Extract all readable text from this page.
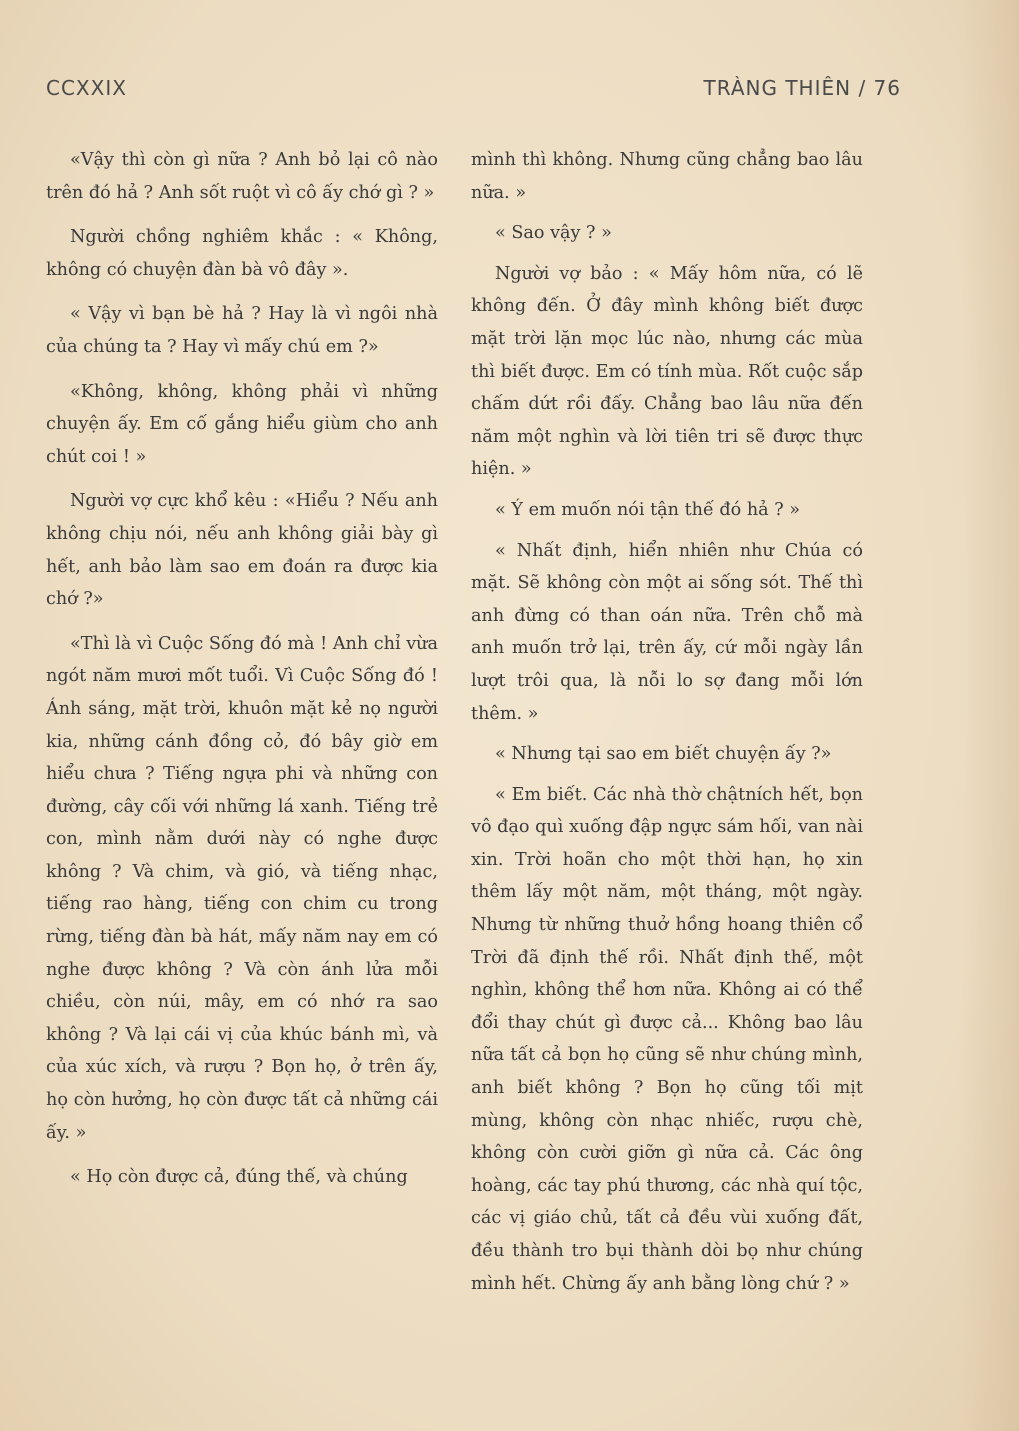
CCXXIX	TRÀNG THIÊN / 76

«Vậy thì còn gì nữa ? Anh bỏ lại cô nào trên đó hả ? Anh sốt ruột vì cô ấy chớ gì ? »

Người chồng nghiêm khắc : « Không, không có chuyện đàn bà vô đây ».

« Vậy vì bạn bè hả ? Hay là vì ngôi nhà của chúng ta ? Hay vì mấy chú em ?»

«Không, không, không phải vì những chuyện ấy. Em cố gắng hiểu giùm cho anh chút coi ! »

Người vợ cực khổ kêu : «Hiểu ? Nếu anh không chịu nói, nếu anh không giải bày gì hết, anh bảo làm sao em đoán ra được kia chớ ?»

«Thì là vì Cuộc Sống đó mà ! Anh chỉ vừa ngót năm mươi mốt tuổi. Vì Cuộc Sống đó ! Ánh sáng, mặt trời, khuôn mặt kẻ nọ người kia, những cánh đồng cỏ, đó bây giờ em hiểu chưa ? Tiếng ngựa phi và những con đường, cây cối với những lá xanh. Tiếng trẻ con, mình nằm dưới này có nghe được không ? Và chim, và gió, và tiếng nhạc, tiếng rao hàng, tiếng con chim cu trong rừng, tiếng đàn bà hát, mấy năm nay em có nghe được không ? Và còn ánh lửa mỗi chiều, còn núi, mây, em có nhớ ra sao không ? Và lại cái vị của khúc bánh mì, và của xúc xích, và rượu ? Bọn họ, ở trên ấy, họ còn hưởng, họ còn được tất cả những cái ấy. »

« Họ còn được cả, đúng thế, và chúng

mình thì không. Nhưng cũng chẳng bao lâu nữa. »

« Sao vậy ? »

Người vợ bảo : « Mấy hôm nữa, có lẽ không đến. Ở đây mình không biết được mặt trời lặn mọc lúc nào, nhưng các mùa thì biết được. Em có tính mùa. Rốt cuộc sắp chấm dứt rồi đấy. Chẳng bao lâu nữa đến năm một nghìn và lời tiên tri sẽ được thực hiện. »

« Ý em muốn nói tận thế đó hả ? »

« Nhất định, hiển nhiên như Chúa có mặt. Sẽ không còn một ai sống sót. Thế thì anh đừng có than oán nữa. Trên chỗ mà anh muốn trở lại, trên ấy, cứ mỗi ngày lần lượt trôi qua, là nỗi lo sợ đang mỗi lớn thêm. »

« Nhưng tại sao em biết chuyện ấy ?»

« Em biết. Các nhà thờ chậtních hết, bọn vô đạo quì xuống đập ngực sám hối, van nài xin. Trời hoãn cho một thời hạn, họ xin thêm lấy một năm, một tháng, một ngày. Nhưng từ những thuở hồng hoang thiên cổ Trời đã định thế rồi. Nhất định thế, một nghìn, không thể hơn nữa. Không ai có thể đổi thay chút gì được cả... Không bao lâu nữa tất cả bọn họ cũng sẽ như chúng mình, anh biết không ? Bọn họ cũng tối mịt mùng, không còn nhạc nhiếc, rượu chè, không còn cười giỡn gì nữa cả. Các ông hoàng, các tay phú thương, các nhà quí tộc, các vị giáo chủ, tất cả đều vùi xuống đất, đều thành tro bụi thành dòi bọ như chúng mình hết. Chừng ấy anh bằng lòng chứ ? »
